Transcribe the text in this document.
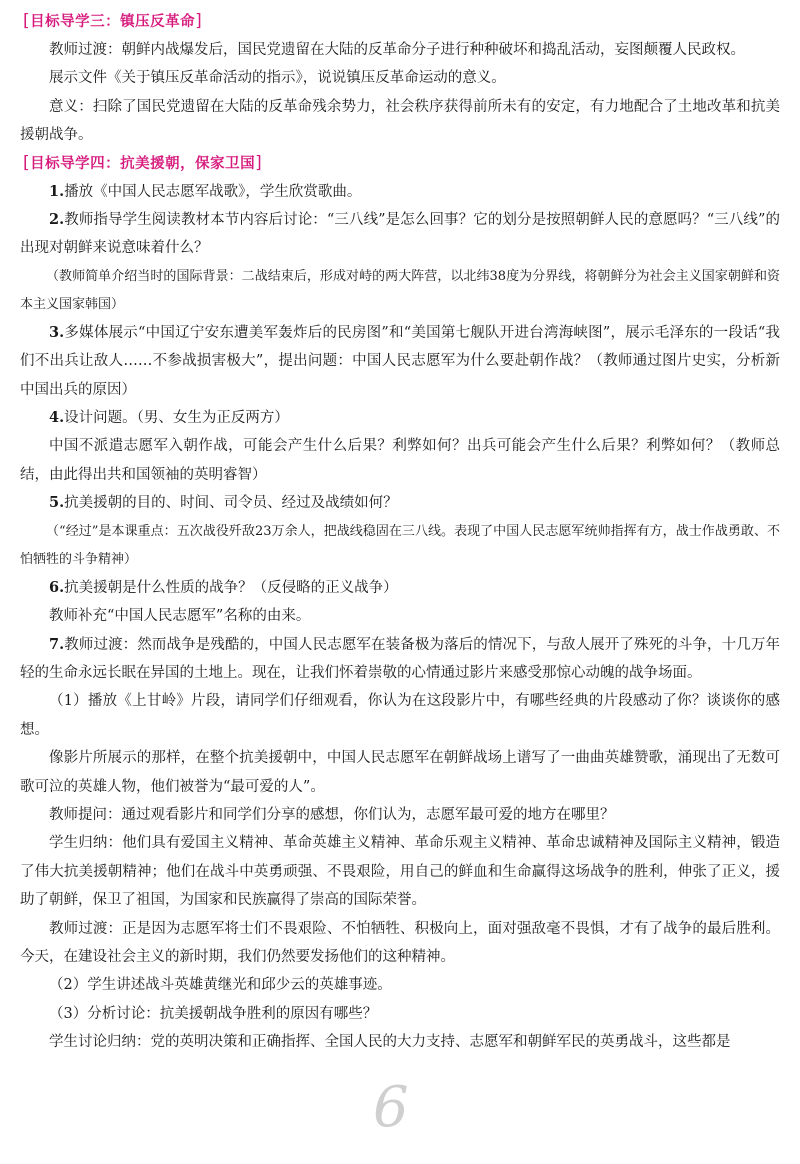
[目标导学三：镇压反革命]

教师过渡：朝鲜内战爆发后，国民党遗留在大陆的反革命分子进行种种破坏和捣乱活动，妄图颠覆人民政权。

展示文件《关于镇压反革命活动的指示》，说说镇压反革命运动的意义。

意义：扫除了国民党遗留在大陆的反革命残余势力，社会秩序获得前所未有的安定，有力地配合了土地改革和抗美援朝战争。

[目标导学四：抗美援朝，保家卫国]

1.播放《中国人民志愿军战歌》，学生欣赏歌曲。

2.教师指导学生阅读教材本节内容后讨论：“三八线”是怎么回事？它的划分是按照朝鲜人民的意愿吗？“三八线”的出现对朝鲜来说意味着什么？

（教师简单介绍当时的国际背景：二战结束后，形成对峙的两大阵营，以北纬38度为分界线，将朝鲜分为社会主义国家朝鲜和资本主义国家韩国）

3.多媒体展示“中国辽宁安东遭美军轰炸后的民房图”和“美国第七舰队开进台湾海峡图”，展示毛泽东的一段话“我们不出兵让敌人……不参战损害极大”，提出问题：中国人民志愿军为什么要赴朝作战？（教师通过图片史实，分析新中国出兵的原因）

4.设计问题。（男、女生为正反两方）

中国不派遣志愿军入朝作战，可能会产生什么后果？利弊如何？出兵可能会产生什么后果？利弊如何？（教师总结，由此得出共和国领袖的英明睿智）

5.抗美援朝的目的、时间、司令员、经过及战绩如何？

（“经过”是本课重点：五次战役歼敌23万余人，把战线稳固在三八线。表现了中国人民志愿军统帅指挥有方，战士作战勇敢、不怕牺牲的斗争精神）

6.抗美援朝是什么性质的战争？（反侵略的正义战争）

教师补充“中国人民志愿军”名称的由来。

7.教师过渡：然而战争是残酷的，中国人民志愿军在装备极为落后的情况下，与敌人展开了殊死的斗争，十几万年轻的生命永远长眠在异国的土地上。现在，让我们怀着崇敬的心情通过影片来感受那惊心动魄的战争场面。

（1）播放《上甘岭》片段，请同学们仔细观看，你认为在这段影片中，有哪些经典的片段感动了你？谈谈你的感想。

像影片所展示的那样，在整个抗美援朝中，中国人民志愿军在朝鲜战场上谱写了一曲曲英雄赞歌，涌现出了无数可歌可泣的英雄人物，他们被誉为“最可爱的人”。

教师提问：通过观看影片和同学们分享的感想，你们认为，志愿军最可爱的地方在哪里？

学生归纳：他们具有爱国主义精神、革命英雄主义精神、革命乐观主义精神、革命忠诚精神及国际主义精神，锻造了伟大抗美援朝精神；他们在战斗中英勇顽强、不畏艰险，用自己的鲜血和生命赢得这场战争的胜利，伸张了正义，援助了朝鲜，保卫了祖国，为国家和民族赢得了崇高的国际荣誉。

教师过渡：正是因为志愿军将士们不畏艰险、不怕牺牲、积极向上，面对强敌毫不畏惧，才有了战争的最后胜利。今天，在建设社会主义的新时期，我们仍然要发扬他们的这种精神。

（2）学生讲述战斗英雄黄继光和邱少云的英雄事迹。

（3）分析讨论：抗美援朝战争胜利的原因有哪些？

学生讨论归纳：党的英明决策和正确指挥、全国人民的大力支持、志愿军和朝鲜军民的英勇战斗，这些都是

6
